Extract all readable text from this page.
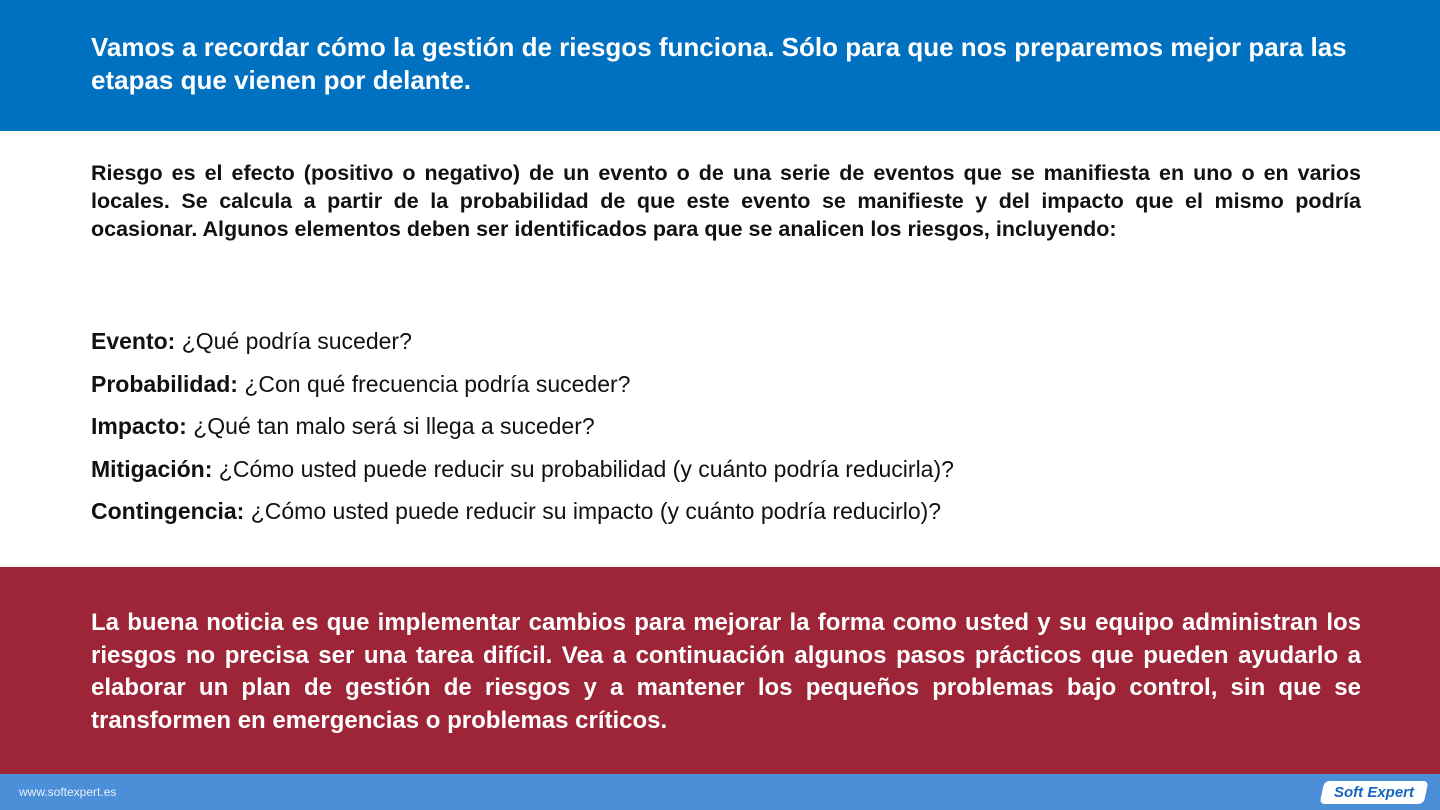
Vamos a recordar cómo la gestión de riesgos funciona. Sólo para que nos preparemos mejor para las etapas que vienen por delante.

Riesgo es el efecto (positivo o negativo) de un evento o de una serie de eventos que se manifiesta en uno o en varios locales. Se calcula a partir de la probabilidad de que este evento se manifieste y del impacto que el mismo podría ocasionar. Algunos elementos deben ser identificados para que se analicen los riesgos, incluyendo:

Evento: ¿Qué podría suceder?
Probabilidad: ¿Con qué frecuencia podría suceder?
Impacto: ¿Qué tan malo será si llega a suceder?
Mitigación: ¿Cómo usted puede reducir su probabilidad (y cuánto podría reducirla)?
Contingencia: ¿Cómo usted puede reducir su impacto (y cuánto podría reducirlo)?

La buena noticia es que implementar cambios para mejorar la forma como usted y su equipo administran los riesgos no precisa ser una tarea difícil. Vea a continuación algunos pasos prácticos que pueden ayudarlo a elaborar un plan de gestión de riesgos y a mantener los pequeños problemas bajo control, sin que se transformen en emergencias o problemas críticos.

www.softexpert.es	Soft Expert
